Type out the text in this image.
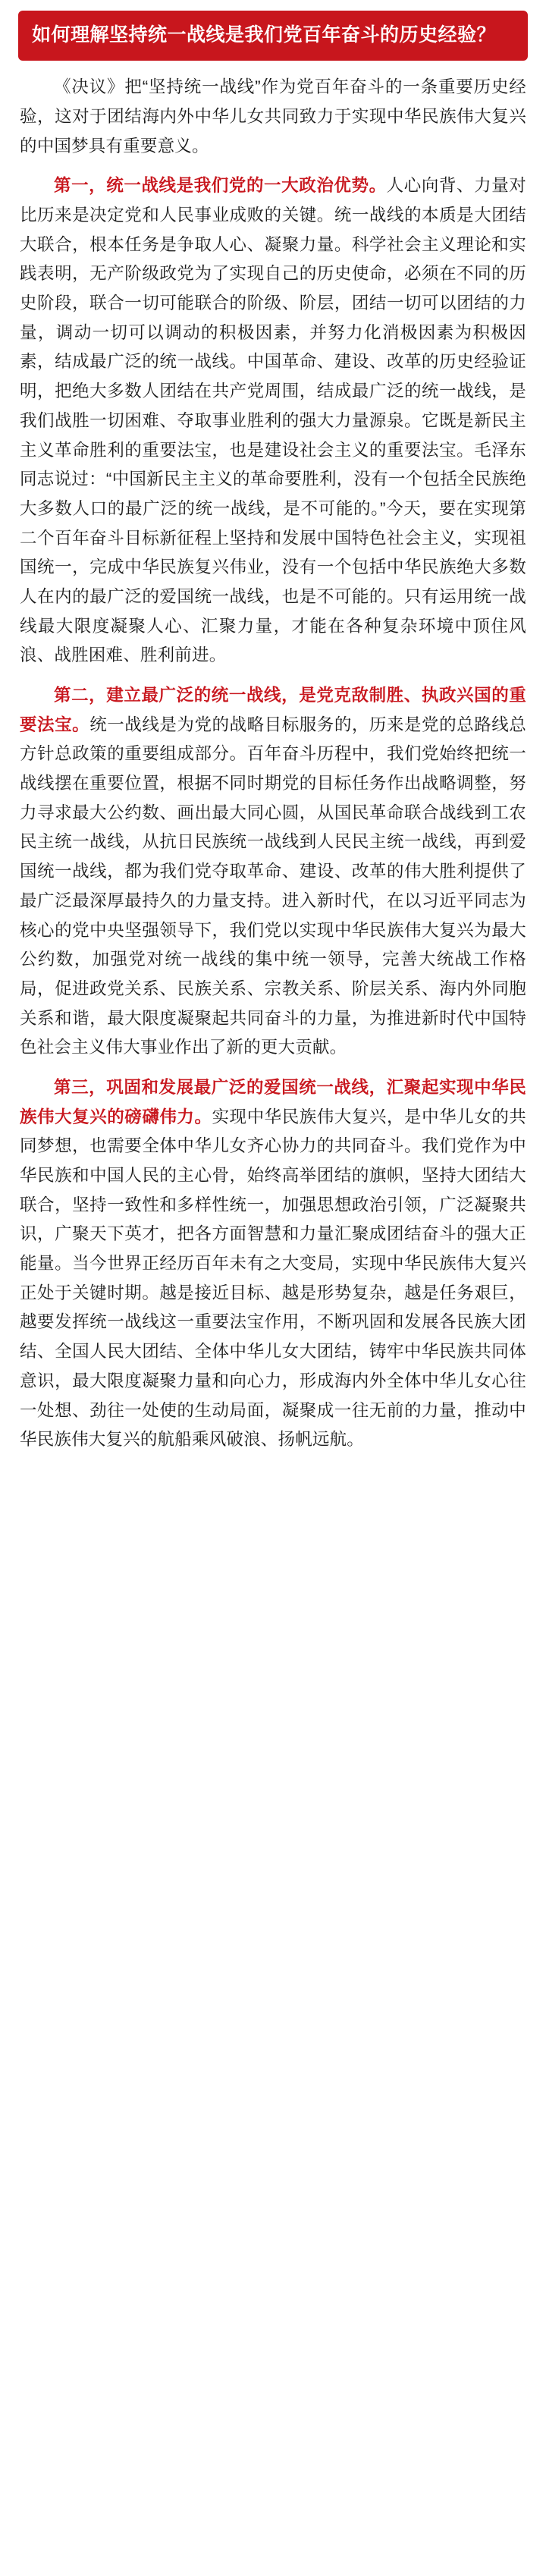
如何理解坚持统一战线是我们党百年奋斗的历史经验？

《决议》把“坚持统一战线”作为党百年奋斗的一条重要历史经验，这对于团结海内外中华儿女共同致力于实现中华民族伟大复兴的中国梦具有重要意义。

第一，统一战线是我们党的一大政治优势。人心向背、力量对比历来是决定党和人民事业成败的关键。统一战线的本质是大团结大联合，根本任务是争取人心、凝聚力量。科学社会主义理论和实践表明，无产阶级政党为了实现自己的历史使命，必须在不同的历史阶段，联合一切可能联合的阶级、阶层，团结一切可以团结的力量，调动一切可以调动的积极因素，并努力化消极因素为积极因素，结成最广泛的统一战线。中国革命、建设、改革的历史经验证明，把绝大多数人团结在共产党周围，结成最广泛的统一战线，是我们战胜一切困难、夺取事业胜利的强大力量源泉。它既是新民主主义革命胜利的重要法宝，也是建设社会主义的重要法宝。毛泽东同志说过：“中国新民主主义的革命要胜利，没有一个包括全民族绝大多数人口的最广泛的统一战线，是不可能的。”今天，要在实现第二个百年奋斗目标新征程上坚持和发展中国特色社会主义，实现祖国统一，完成中华民族复兴伟业，没有一个包括中华民族绝大多数人在内的最广泛的爱国统一战线，也是不可能的。只有运用统一战线最大限度凝聚人心、汇聚力量，才能在各种复杂环境中顶住风浪、战胜困难、胜利前进。

第二，建立最广泛的统一战线，是党克敌制胜、执政兴国的重要法宝。统一战线是为党的战略目标服务的，历来是党的总路线总方针总政策的重要组成部分。百年奋斗历程中，我们党始终把统一战线摆在重要位置，根据不同时期党的目标任务作出战略调整，努力寻求最大公约数、画出最大同心圆，从国民革命联合战线到工农民主统一战线，从抗日民族统一战线到人民民主统一战线，再到爱国统一战线，都为我们党夺取革命、建设、改革的伟大胜利提供了最广泛最深厚最持久的力量支持。进入新时代，在以习近平同志为核心的党中央坚强领导下，我们党以实现中华民族伟大复兴为最大公约数，加强党对统一战线的集中统一领导，完善大统战工作格局，促进政党关系、民族关系、宗教关系、阶层关系、海内外同胞关系和谐，最大限度凝聚起共同奋斗的力量，为推进新时代中国特色社会主义伟大事业作出了新的更大贡献。

第三，巩固和发展最广泛的爱国统一战线，汇聚起实现中华民族伟大复兴的磅礴伟力。实现中华民族伟大复兴，是中华儿女的共同梦想，也需要全体中华儿女齐心协力的共同奋斗。我们党作为中华民族和中国人民的主心骨，始终高举团结的旗帜，坚持大团结大联合，坚持一致性和多样性统一，加强思想政治引领，广泛凝聚共识，广聚天下英才，把各方面智慧和力量汇聚成团结奋斗的强大正能量。当今世界正经历百年未有之大变局，实现中华民族伟大复兴正处于关键时期。越是接近目标、越是形势复杂，越是任务艰巨，越要发挥统一战线这一重要法宝作用，不断巩固和发展各民族大团结、全国人民大团结、全体中华儿女大团结，铸牢中华民族共同体意识，最大限度凝聚力量和向心力，形成海内外全体中华儿女心往一处想、劲往一处使的生动局面，凝聚成一往无前的力量，推动中华民族伟大复兴的航船乘风破浪、扬帆远航。
